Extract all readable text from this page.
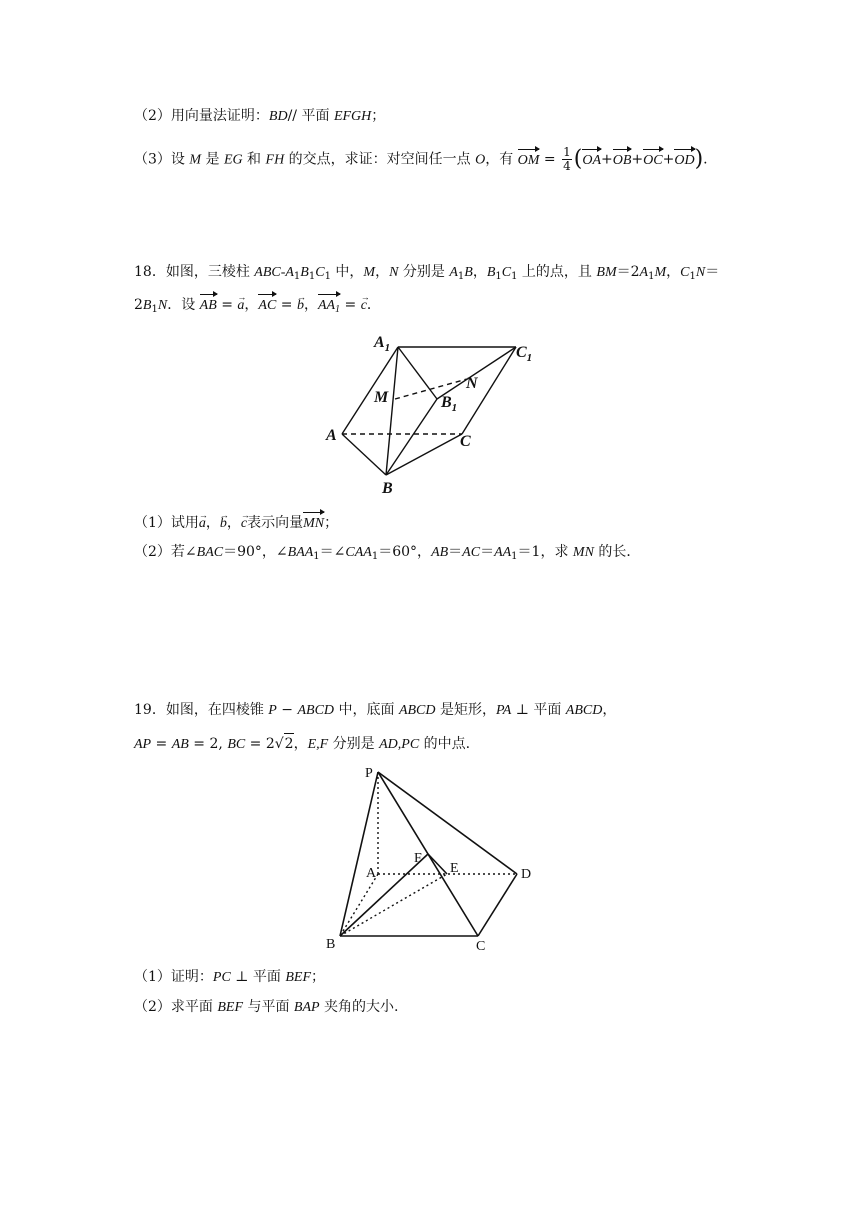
（2）用向量法证明：BD// 平面 EFGH；
（3）设 M 是 EG 和 FH 的交点，求证：对空间任一点 O，有 OM = $\frac{1}{4} (OA+OB+OC+OD)$.
18．如图，三棱柱 ABC-$A_1B_1C_1$ 中，M，N 分别是 $A_1B$，$B_1C_1$ 上的点，且 $BM=2A_1M$，$C_1N=$
$2B_1N$．设 AB = → a，AC = → b，$AA_1$ = → c．
$A_1$	$C_1$
N
M	$B_1$
A	C
B
（1）试用→ a，→ b，→ c表示向量MN；
（2）若∠BAC＝90°，$\angle BAA_1=\angle CAA_1=60^\circ$，$AB=AC=AA_1=1$，求 MN 的长．
19．如图，在四棱锥 P − ABCD 中，底面 ABCD 是矩形，PA ⊥ 平面 ABCD，
AP = AB = 2, BC = 2√2，E,F 分别是 AD,PC 的中点.
P
A
F
E	D
B	C
（1）证明：PC ⊥ 平面 BEF；
（2）求平面 BEF 与平面 BAP 夹角的大小.
